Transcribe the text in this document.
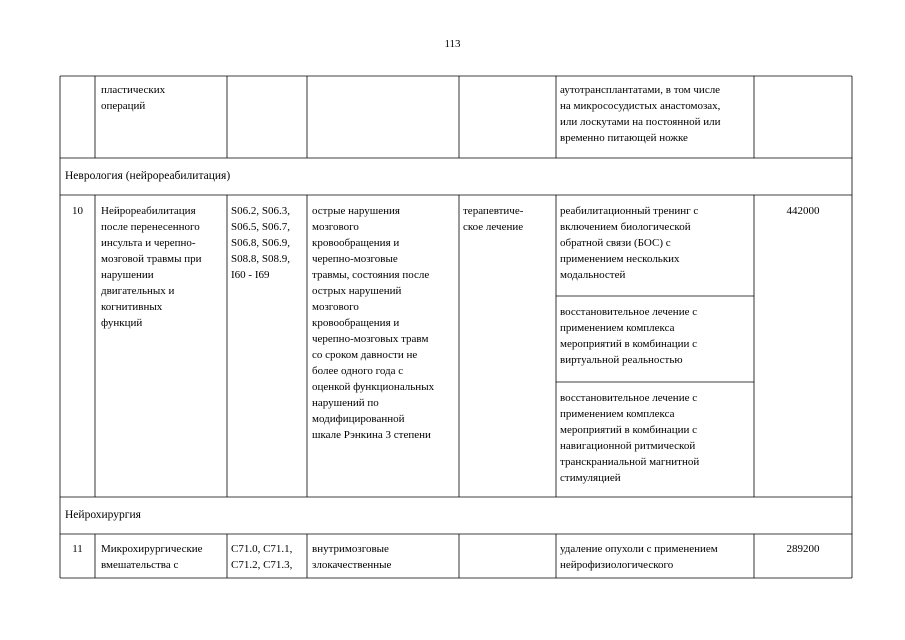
113
пластических
операций
аутотрансплантатами, в том числе
на микрососудистых анастомозах,
или лоскутами на постоянной или
временно питающей ножке
Неврология (нейрореабилитация)
10	Нейрореабилитация
после перенесенного
инсульта и черепно-
мозговой травмы при
нарушении
двигательных и
когнитивных
функций
S06.2, S06.3,
S06.5, S06.7,
S06.8, S06.9,
S08.8, S08.9,
I60 - I69
острые нарушения
мозгового
кровообращения и
черепно-мозговые
травмы, состояния после
острых нарушений
мозгового
кровообращения и
черепно-мозговых травм
со сроком давности не
более одного года с
оценкой функциональных
нарушений по
модифицированной
шкале Рэнкина 3 степени
терапевтиче-
ское лечение
реабилитационный тренинг с
включением биологической
обратной связи (БОС) с
применением нескольких
модальностей
восстановительное лечение с
применением комплекса
мероприятий в комбинации с
виртуальной реальностью
восстановительное лечение с
применением комплекса
мероприятий в комбинации с
навигационной ритмической
транскраниальной магнитной
стимуляцией
442000
Нейрохирургия
11	Микрохирургические
вмешательства с
C71.0, C71.1,
C71.2, C71.3,
внутримозговые
злокачественные
удаление опухоли с применением
нейрофизиологического
289200
